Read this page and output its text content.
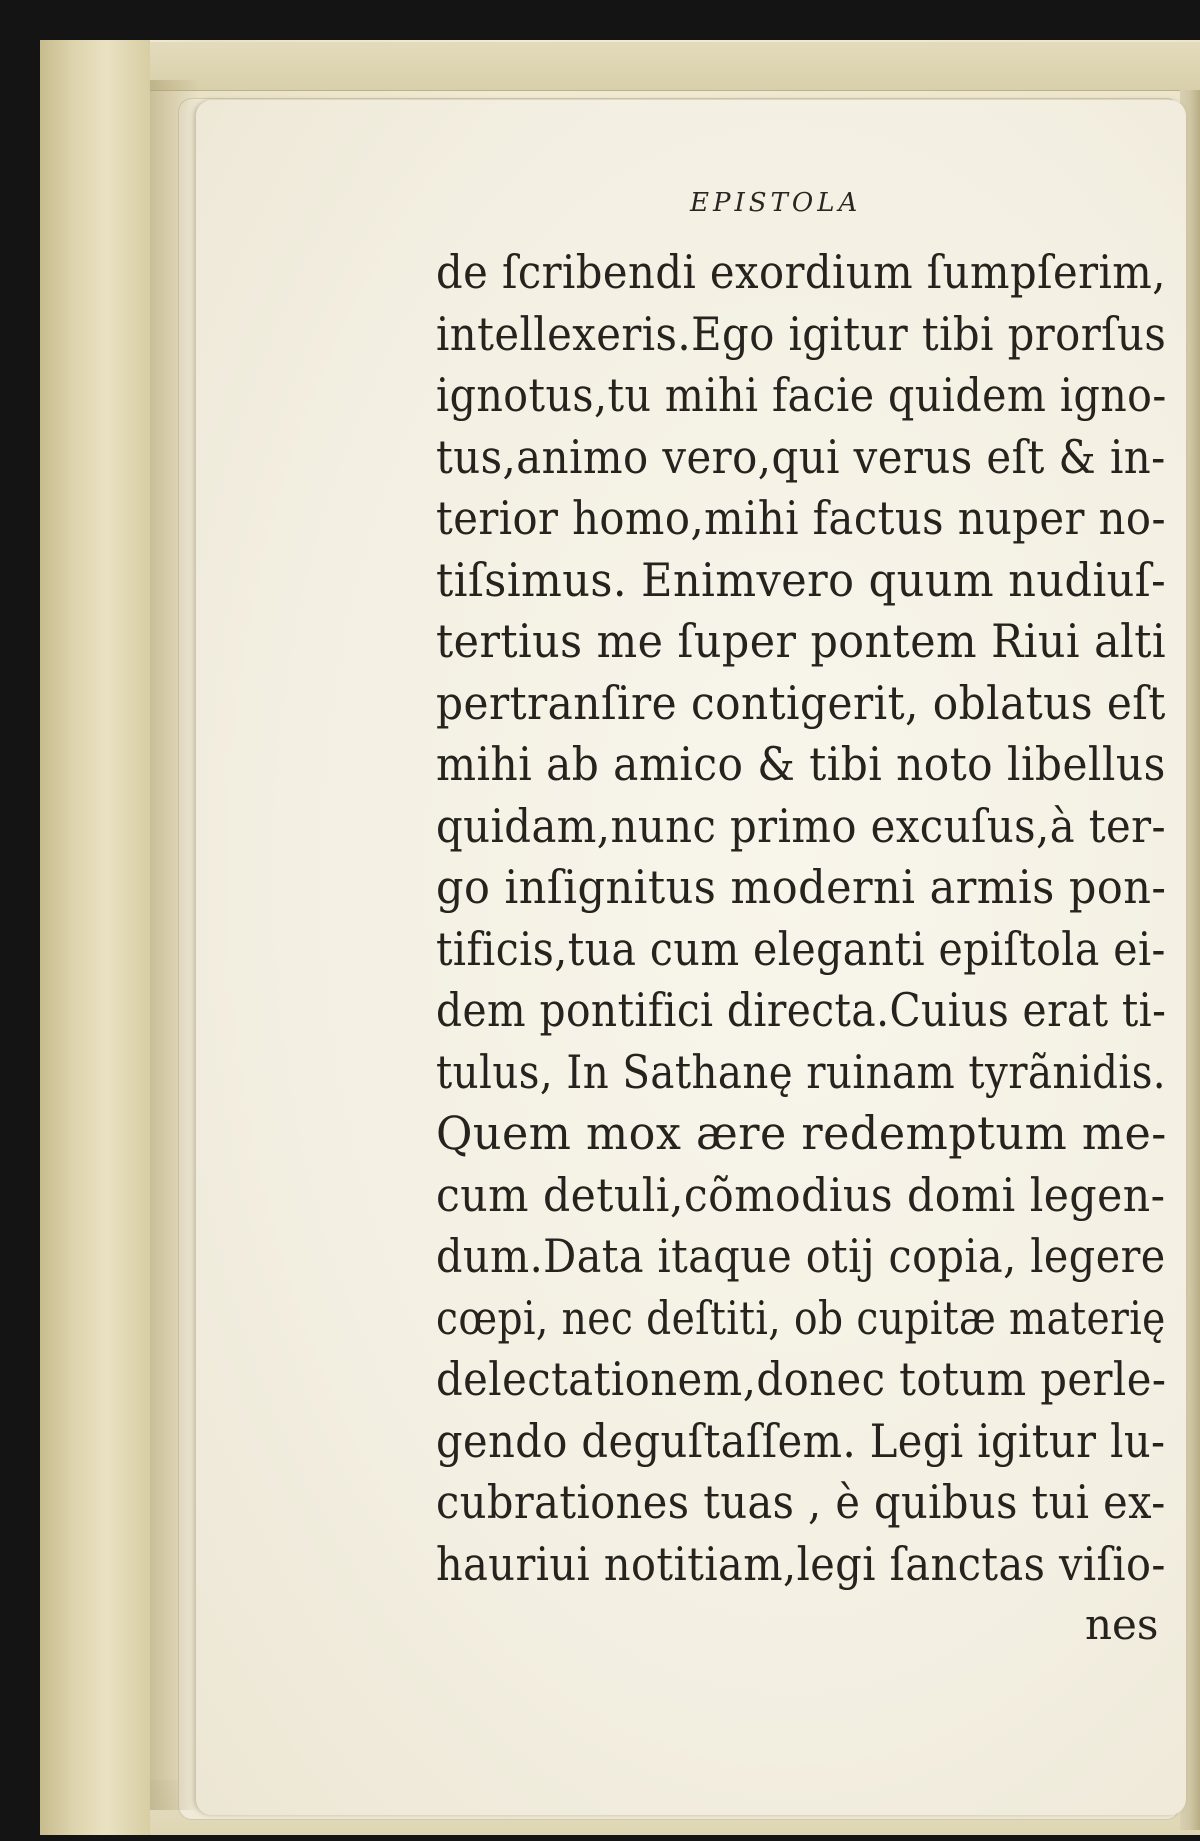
EPISTOLA
de ſcribendi exordium ſumpſerim,
intellexeris.Ego igitur tibi prorſus
ignotus,tu mihi facie quidem igno-
tus,animo vero,qui verus eſt & in-
terior homo,mihi factus nuper no-
tiſsimus. Enimvero quum nudiuſ-
tertius me ſuper pontem Riui alti
pertranſire contigerit, oblatus eſt
mihi ab amico & tibi noto libellus
quidam,nunc primo excuſus,à ter-
go inſignitus moderni armis pon-
tificis,tua cum eleganti epiſtola ei-
dem pontifici directa.Cuius erat ti-
tulus, In Sathanę ruinam tyrãnidis.
Quem mox ære redemptum me-
cum detuli,cõmodius domi legen-
dum.Data itaque otij copia, legere
cœpi, nec deſtiti, ob cupitæ materię
delectationem,donec totum perle-
gendo deguſtaſſem. Legi igitur lu-
cubrationes tuas , è quibus tui ex-
hauriui notitiam,legi ſanctas viſio-
nes
